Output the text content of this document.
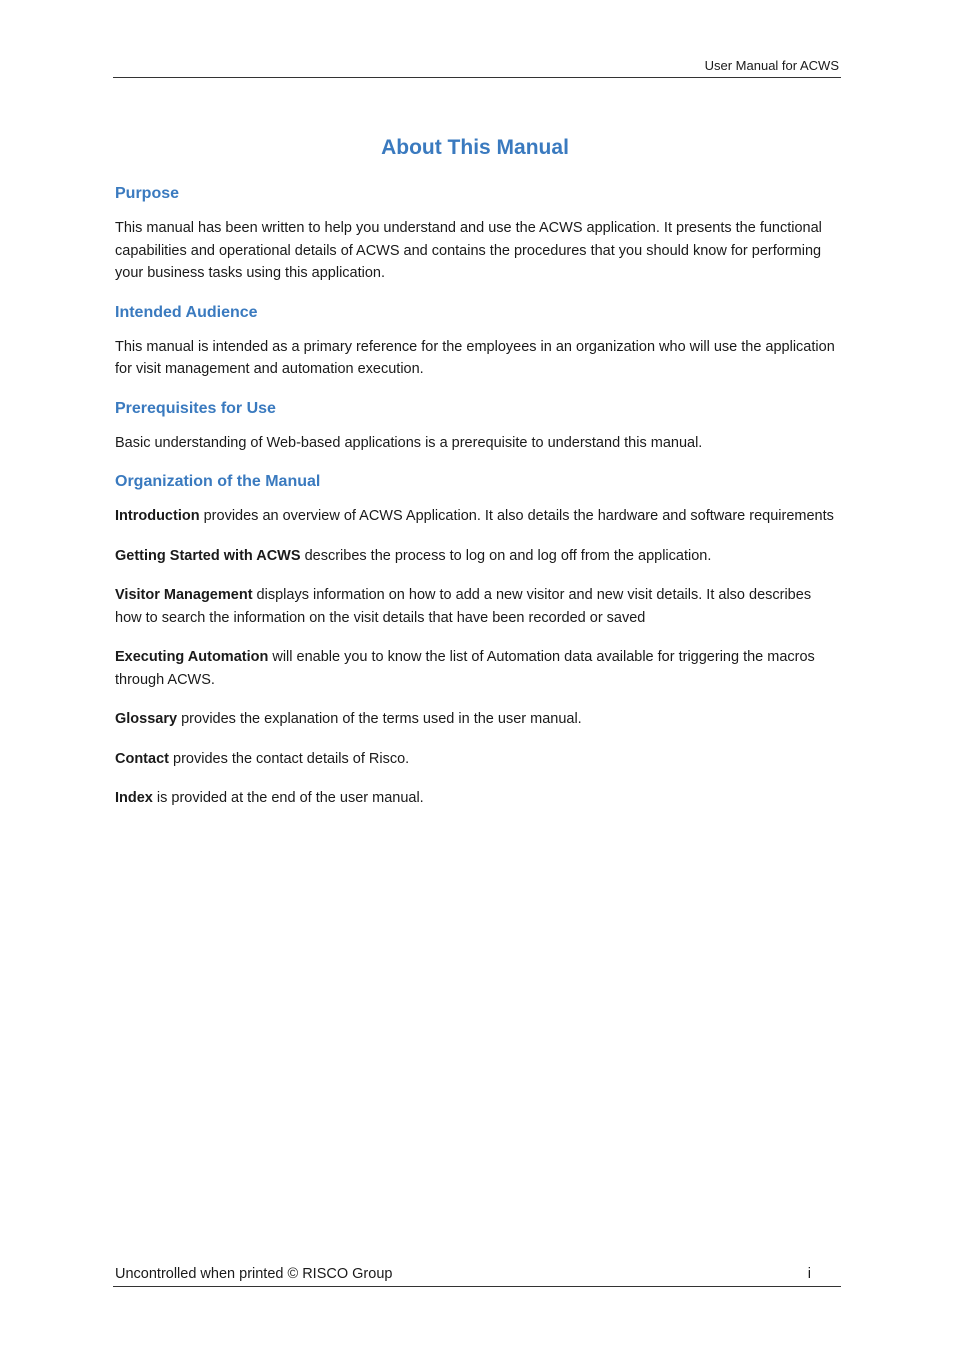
User Manual for ACWS
About This Manual
Purpose

This manual has been written to help you understand and use the ACWS application. It presents the functional capabilities and operational details of ACWS and contains the procedures that you should know for performing your business tasks using this application.

Intended Audience

This manual is intended as a primary reference for the employees in an organization who will use the application for visit management and automation execution.

Prerequisites for Use

Basic understanding of Web-based applications is a prerequisite to understand this manual.

Organization of the Manual

Introduction provides an overview of ACWS Application. It also details the hardware and software requirements

Getting Started with ACWS describes the process to log on and log off from the application.

Visitor Management displays information on how to add a new visitor and new visit details. It also describes how to search the information on the visit details that have been recorded or saved

Executing Automation will enable you to know the list of Automation data available for triggering the macros through ACWS.

Glossary provides the explanation of the terms used in the user manual.

Contact provides the contact details of Risco.

Index is provided at the end of the user manual.

Uncontrolled when printed © RISCO Group	i
